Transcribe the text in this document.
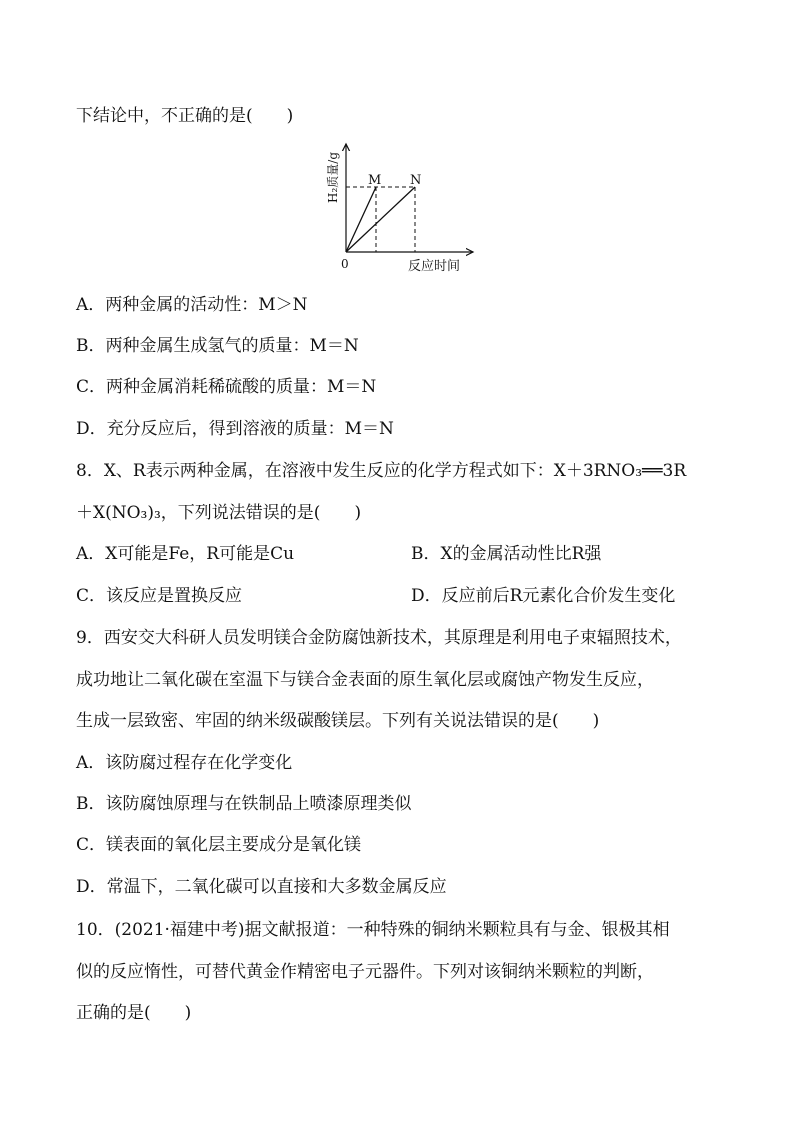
下结论中，不正确的是(　　)
M N
0	反应时间
H₂质量/g
A．两种金属的活动性：M＞N
B．两种金属生成氢气的质量：M＝N
C．两种金属消耗稀硫酸的质量：M＝N
D．充分反应后，得到溶液的质量：M＝N
8．X、R表示两种金属，在溶液中发生反应的化学方程式如下：X＋3RNO₃══3R
＋X(NO₃)₃，下列说法错误的是(　　)
A．X可能是Fe，R可能是Cu	B．X的金属活动性比R强
C．该反应是置换反应	D．反应前后R元素化合价发生变化
9．西安交大科研人员发明镁合金防腐蚀新技术，其原理是利用电子束辐照技术，
成功地让二氧化碳在室温下与镁合金表面的原生氧化层或腐蚀产物发生反应，
生成一层致密、牢固的纳米级碳酸镁层。下列有关说法错误的是(　　)
A．该防腐过程存在化学变化
B．该防腐蚀原理与在铁制品上喷漆原理类似
C．镁表面的氧化层主要成分是氧化镁
D．常温下，二氧化碳可以直接和大多数金属反应
10．(2021·福建中考)据文献报道：一种特殊的铜纳米颗粒具有与金、银极其相
似的反应惰性，可替代黄金作精密电子元器件。下列对该铜纳米颗粒的判断，
正确的是(　　)
